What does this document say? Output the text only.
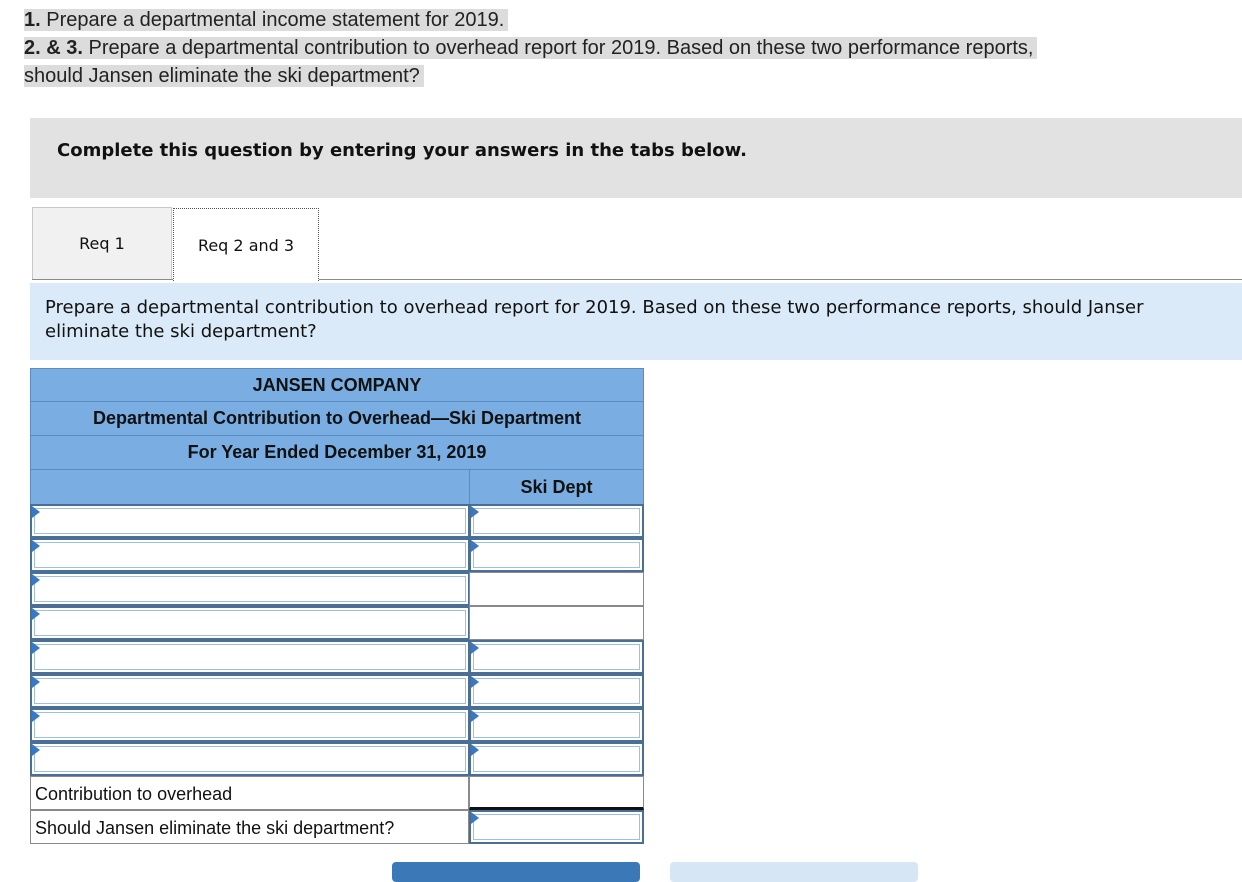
1. Prepare a departmental income statement for 2019.
2. & 3. Prepare a departmental contribution to overhead report for 2019. Based on these two performance reports,
should Jansen eliminate the ski department?
Complete this question by entering your answers in the tabs below.
Req 1	Req 2 and 3
Prepare a departmental contribution to overhead report for 2019. Based on these two performance reports, should Janser
eliminate the ski department?
JANSEN COMPANY
Departmental Contribution to Overhead—Ski Department
For Year Ended December 31, 2019
Ski Dept
Contribution to overhead
Should Jansen eliminate the ski department?
